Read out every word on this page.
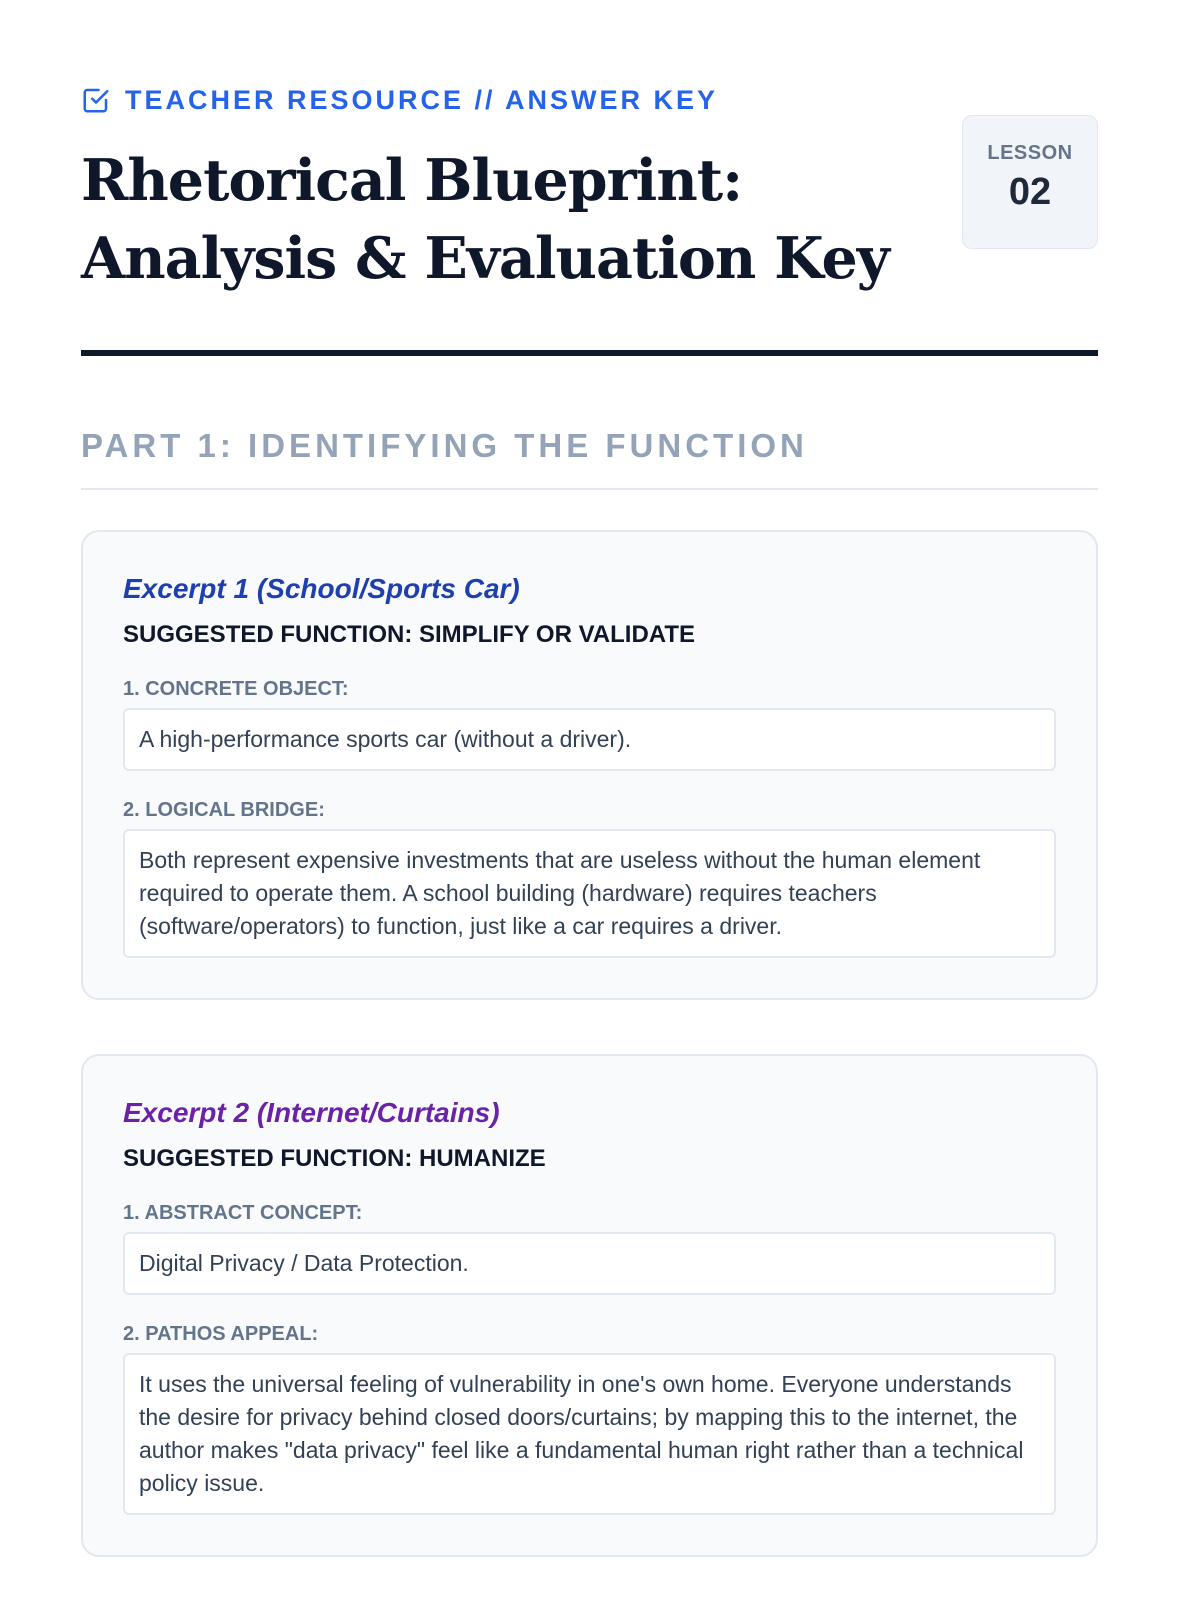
TEACHER RESOURCE // ANSWER KEY
Rhetorical Blueprint:
Analysis & Evaluation Key
LESSON
02
PART 1: IDENTIFYING THE FUNCTION
Excerpt 1 (School/Sports Car)
SUGGESTED FUNCTION: SIMPLIFY OR VALIDATE
1. CONCRETE OBJECT:
A high-performance sports car (without a driver).
2. LOGICAL BRIDGE:
Both represent expensive investments that are useless without the human element required to operate them. A school building (hardware) requires teachers (software/operators) to function, just like a car requires a driver.
Excerpt 2 (Internet/Curtains)
SUGGESTED FUNCTION: HUMANIZE
1. ABSTRACT CONCEPT:
Digital Privacy / Data Protection.
2. PATHOS APPEAL:
It uses the universal feeling of vulnerability in one's own home. Everyone understands the desire for privacy behind closed doors/curtains; by mapping this to the internet, the author makes "data privacy" feel like a fundamental human right rather than a technical policy issue.
